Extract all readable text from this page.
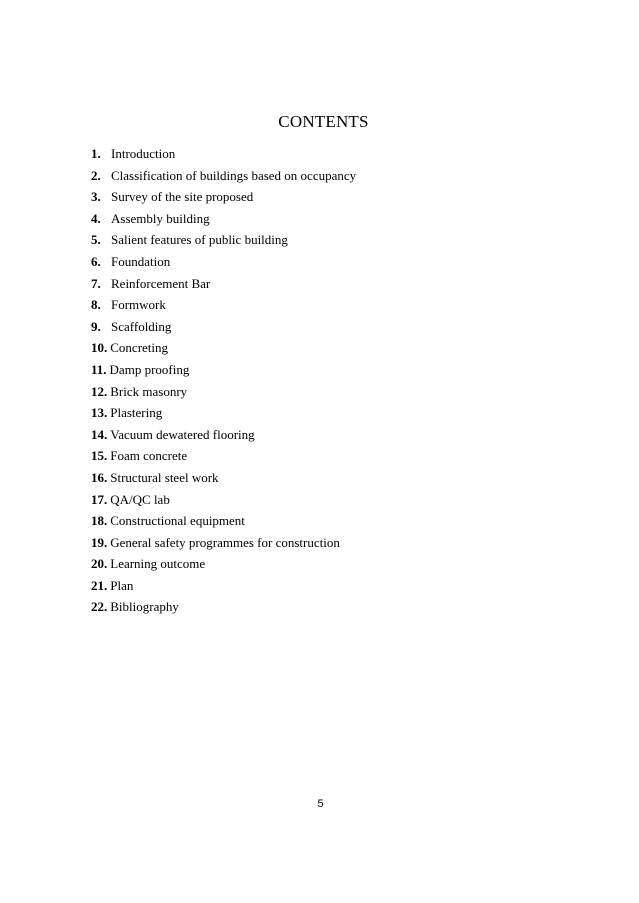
CONTENTS
1. Introduction
2. Classification of buildings based on occupancy
3. Survey of the site proposed
4. Assembly building
5. Salient features of public building
6. Foundation
7. Reinforcement Bar
8. Formwork
9. Scaffolding
10. Concreting
11. Damp proofing
12. Brick masonry
13. Plastering
14. Vacuum dewatered flooring
15. Foam concrete
16. Structural steel work
17. QA/QC lab
18. Constructional equipment
19. General safety programmes for construction
20. Learning outcome
21. Plan
22. Bibliography
5
